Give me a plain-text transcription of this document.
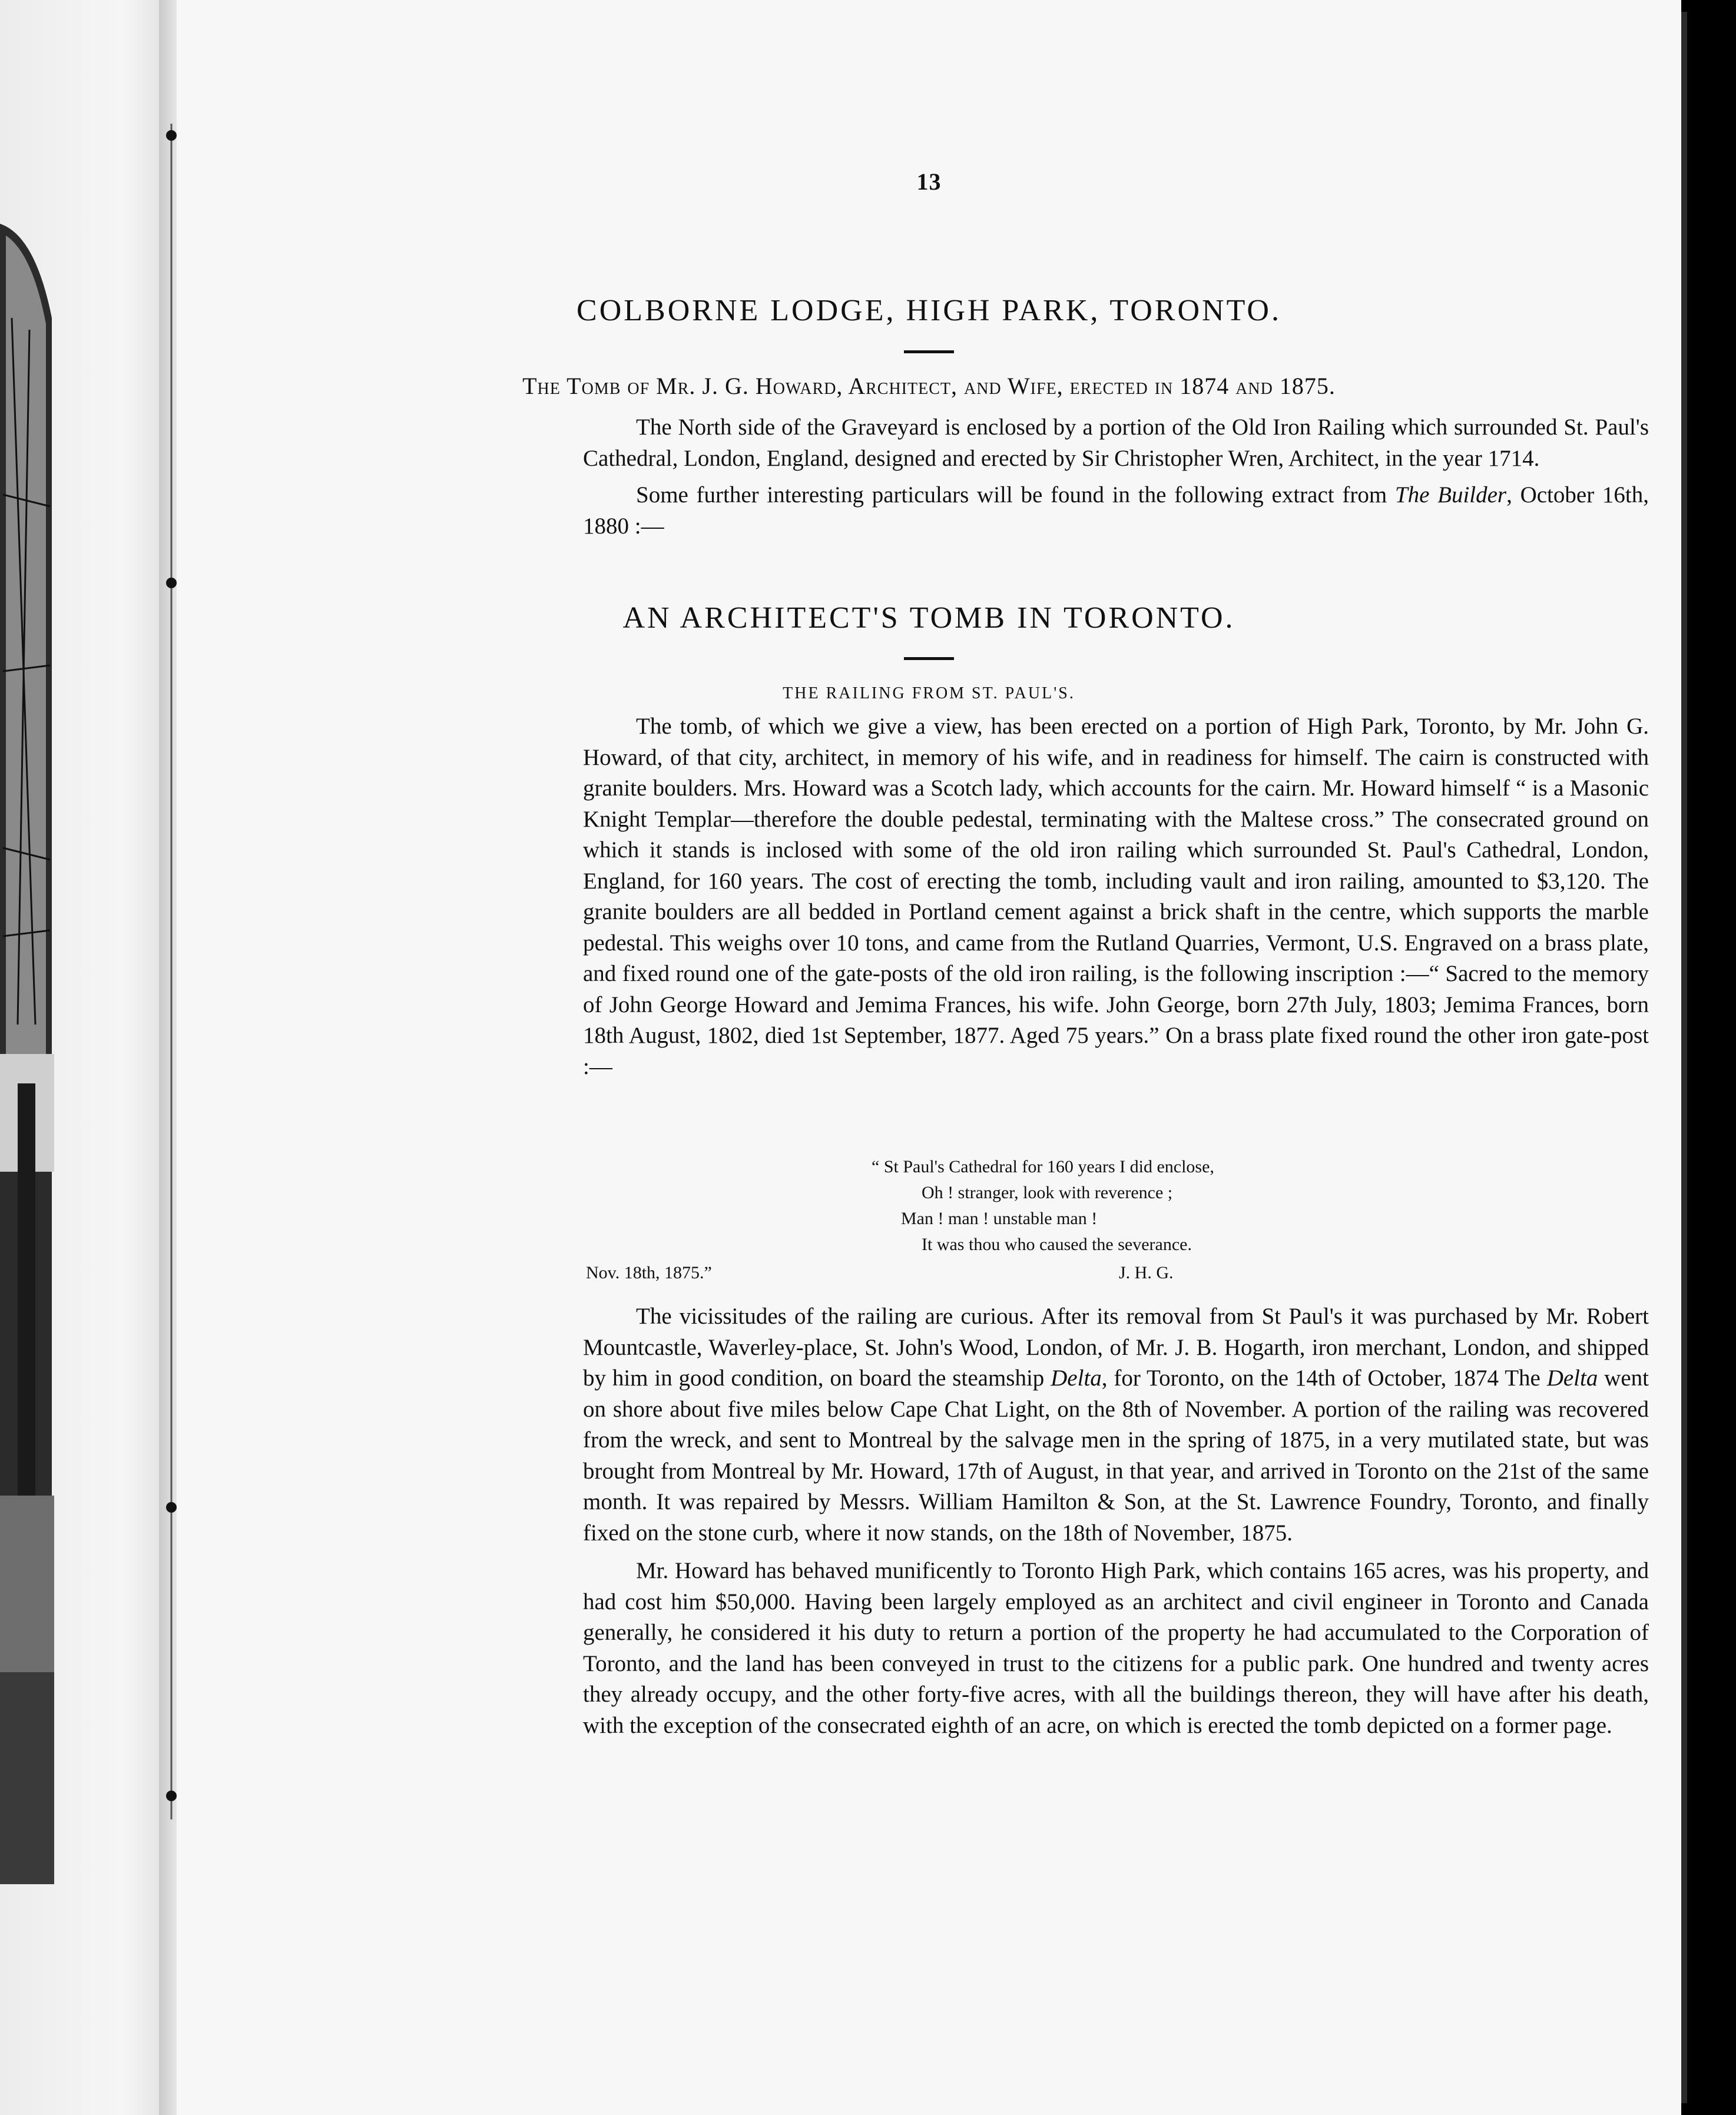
13
COLBORNE LODGE, HIGH PARK, TORONTO.
The Tomb of Mr. J. G. Howard, Architect, and Wife, erected in 1874 and 1875.

The North side of the Graveyard is enclosed by a portion of the Old Iron Railing which surrounded St. Paul's Cathedral, London, England, designed and erected by Sir Christopher Wren, Architect, in the year 1714.

Some further interesting particulars will be found in the following extract from The Builder, October 16th, 1880 :—

AN ARCHITECT'S TOMB IN TORONTO.
THE RAILING FROM ST. PAUL'S.

The tomb, of which we give a view, has been erected on a portion of High Park, Toronto, by Mr. John G. Howard, of that city, architect, in memory of his wife, and in readiness for himself. The cairn is constructed with granite boulders. Mrs. Howard was a Scotch lady, which accounts for the cairn. Mr. Howard himself “ is a Masonic Knight Templar—therefore the double pedestal, terminating with the Maltese cross.” The consecrated ground on which it stands is inclosed with some of the old iron railing which surrounded St. Paul's Cathedral, London, England, for 160 years. The cost of erecting the tomb, including vault and iron railing, amounted to $3,120. The granite boulders are all bedded in Portland cement against a brick shaft in the centre, which supports the marble pedestal. This weighs over 10 tons, and came from the Rutland Quarries, Vermont, U.S. Engraved on a brass plate, and fixed round one of the gate-posts of the old iron railing, is the following inscription :—“ Sacred to the memory of John George Howard and Jemima Frances, his wife. John George, born 27th July, 1803; Jemima Frances, born 18th August, 1802, died 1st September, 1877. Aged 75 years.” On a brass plate fixed round the other iron gate-post :—

“ St Paul's Cathedral for 160 years I did enclose,
Oh ! stranger, look with reverence ;
Man ! man ! unstable man !
It was thou who caused the severance.
Nov. 18th, 1875.”	J. H. G.

The vicissitudes of the railing are curious. After its removal from St Paul's it was purchased by Mr. Robert Mountcastle, Waverley-place, St. John's Wood, London, of Mr. J. B. Hogarth, iron merchant, London, and shipped by him in good condition, on board the steamship Delta, for Toronto, on the 14th of October, 1874 The Delta went on shore about five miles below Cape Chat Light, on the 8th of November. A portion of the railing was recovered from the wreck, and sent to Montreal by the salvage men in the spring of 1875, in a very mutilated state, but was brought from Montreal by Mr. Howard, 17th of August, in that year, and arrived in Toronto on the 21st of the same month. It was repaired by Messrs. William Hamilton & Son, at the St. Lawrence Foundry, Toronto, and finally fixed on the stone curb, where it now stands, on the 18th of November, 1875.

Mr. Howard has behaved munificently to Toronto High Park, which contains 165 acres, was his property, and had cost him $50,000. Having been largely employed as an architect and civil engineer in Toronto and Canada generally, he considered it his duty to return a portion of the property he had accumulated to the Corporation of Toronto, and the land has been conveyed in trust to the citizens for a public park. One hundred and twenty acres they already occupy, and the other forty-five acres, with all the buildings thereon, they will have after his death, with the exception of the consecrated eighth of an acre, on which is erected the tomb depicted on a former page.
